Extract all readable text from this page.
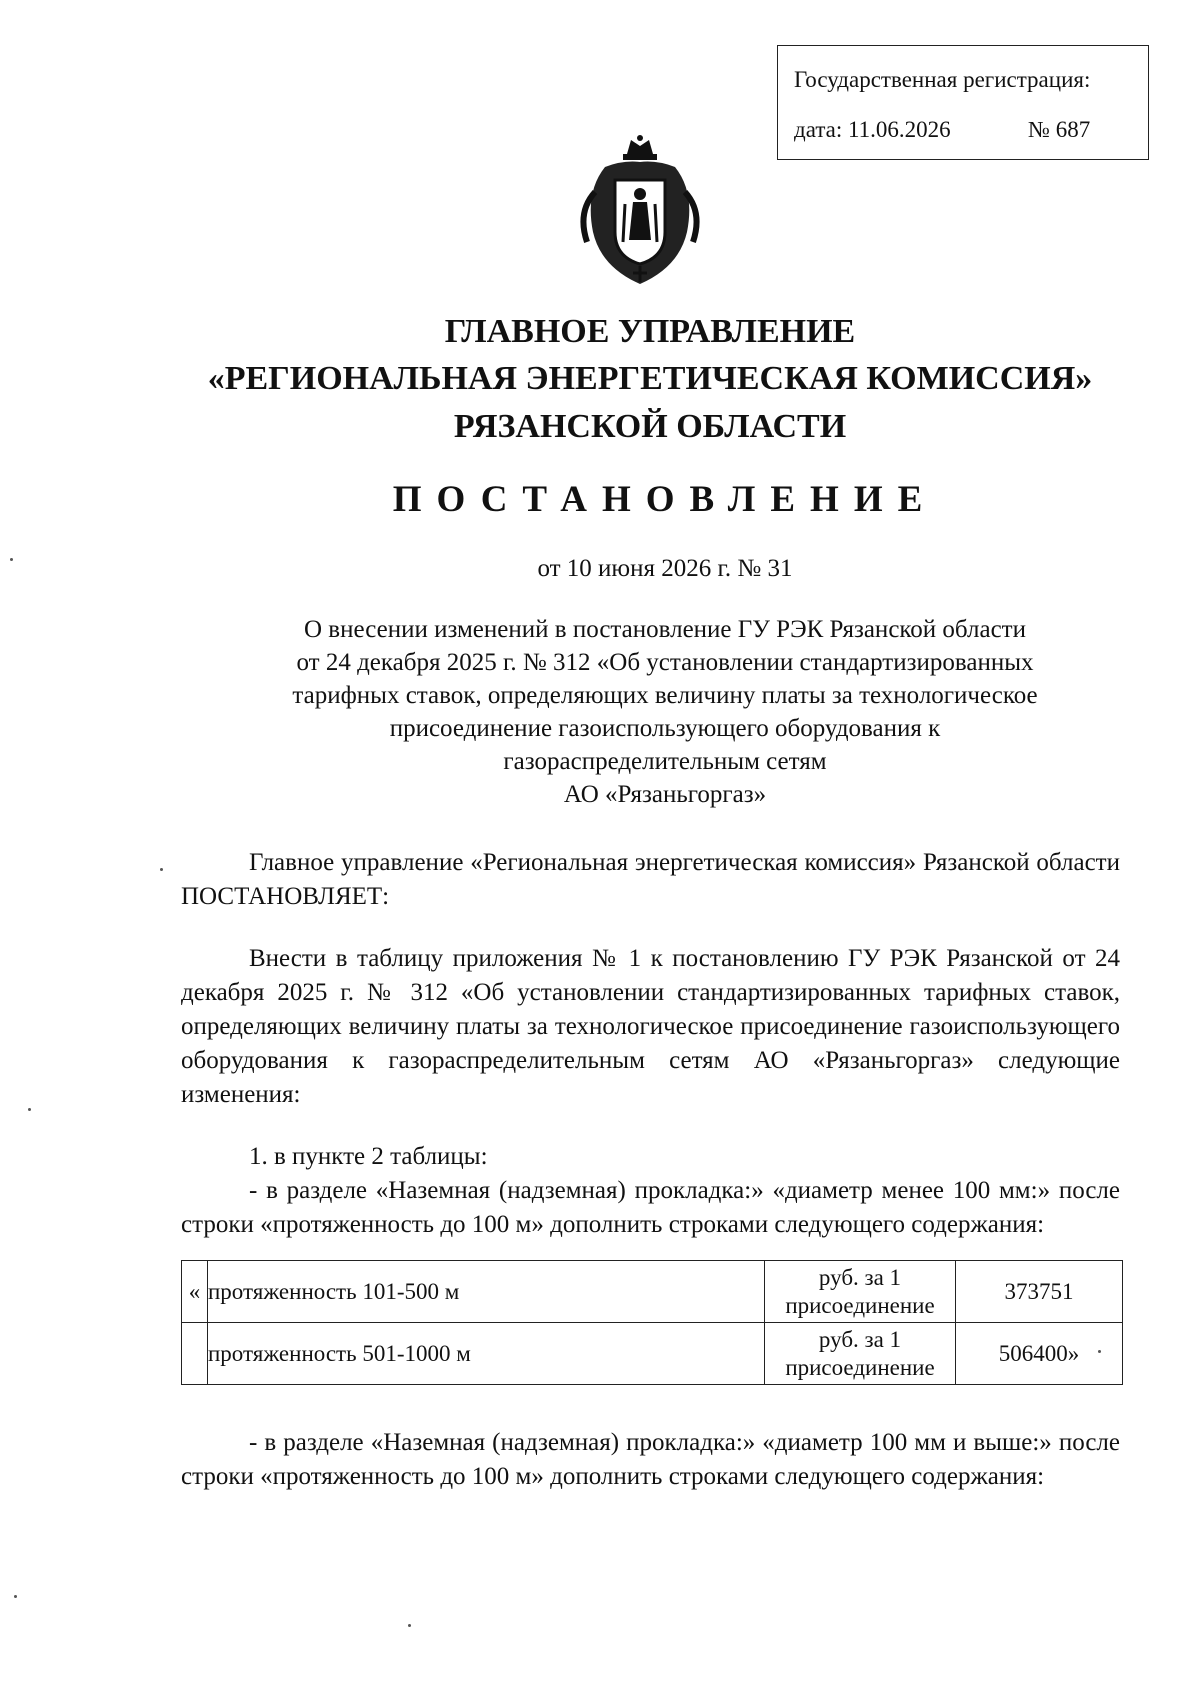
Государственная регистрация:
дата: 11.06.2026	№ 687
ГЛАВНОЕ УПРАВЛЕНИЕ
«РЕГИОНАЛЬНАЯ ЭНЕРГЕТИЧЕСКАЯ КОМИССИЯ»
РЯЗАНСКОЙ ОБЛАСТИ
ПОСТАНОВЛЕНИЕ
от 10 июня 2026 г. № 31
О внесении изменений в постановление ГУ РЭК Рязанской области
от 24 декабря 2025 г. № 312 «Об установлении стандартизированных
тарифных ставок, определяющих величину платы за технологическое
присоединение газоиспользующего оборудования к
газораспределительным сетям
АО «Рязаньгоргаз»

Главное управление «Региональная энергетическая комиссия» Рязанской области ПОСТАНОВЛЯЕТ:

Внести в таблицу приложения № 1 к постановлению ГУ РЭК Рязанской от 24 декабря 2025 г. № 312 «Об установлении стандартизированных тарифных ставок, определяющих величину платы за технологическое присоединение газоиспользующего оборудования к газораспределительным сетям АО «Рязаньгоргаз» следующие изменения:

1. в пункте 2 таблицы:

- в разделе «Наземная (надземная) прокладка:» «диаметр менее 100 мм:» после строки «протяженность до 100 м» дополнить строками следующего содержания:

«	протяженность 101-500 м	руб. за 1 присоединение	373751
	протяженность 501-1000 м	руб. за 1 присоединение	506400»

- в разделе «Наземная (надземная) прокладка:» «диаметр 100 мм и выше:» после строки «протяженность до 100 м» дополнить строками следующего содержания:
